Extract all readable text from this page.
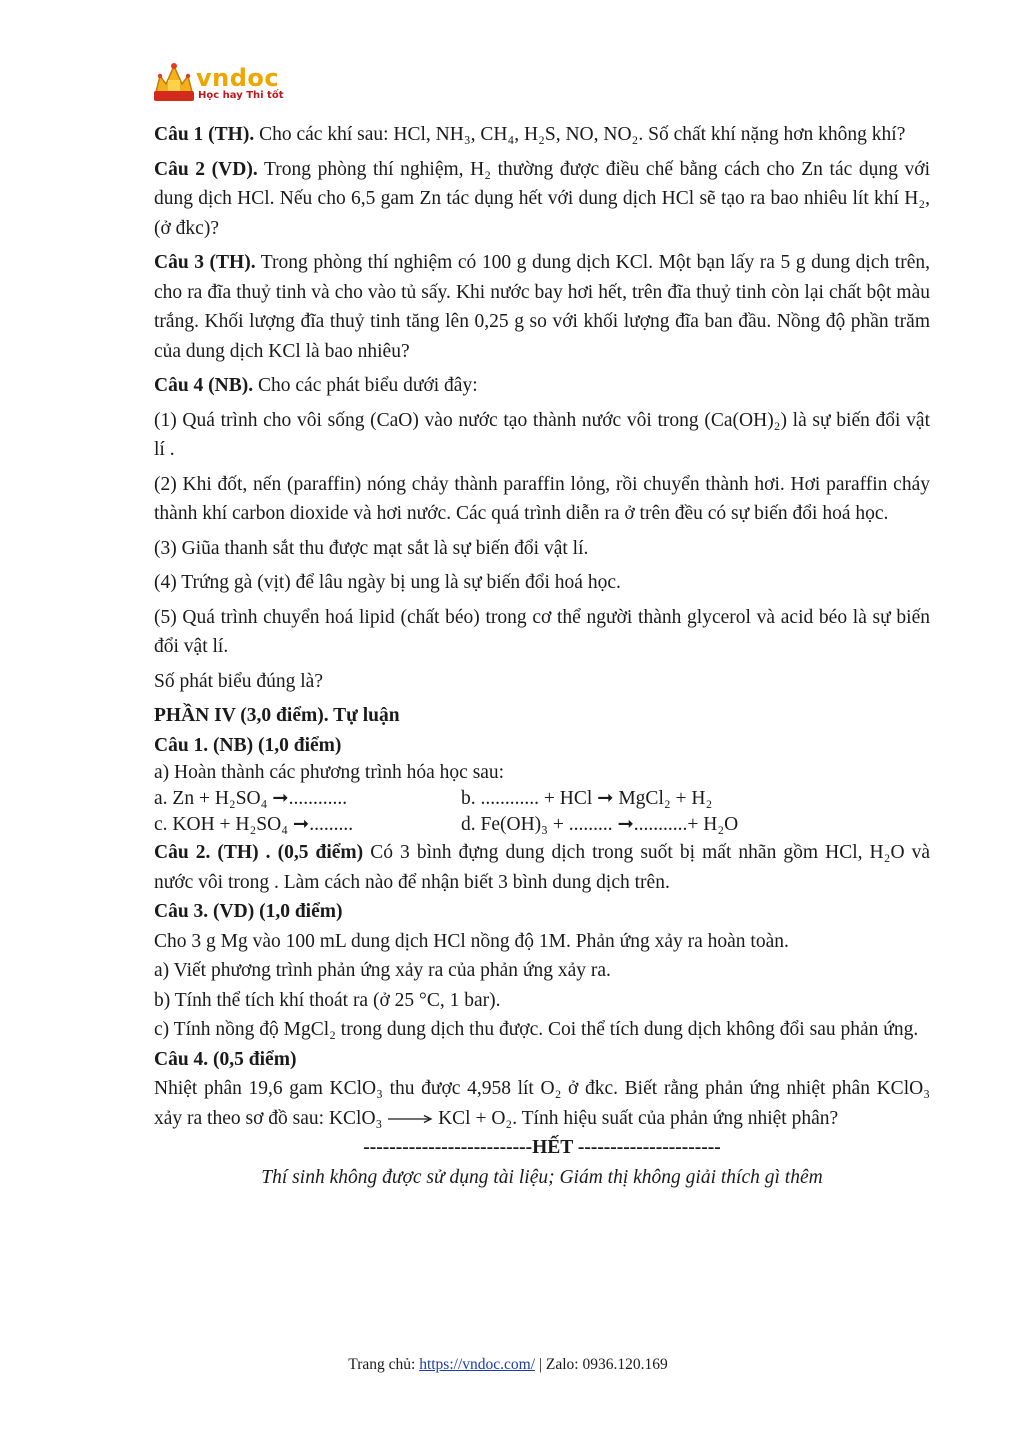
vndoc
Học hay Thi tốt

Câu 1 (TH). Cho các khí sau: HCl, NH₃, CH₄, H₂S, NO, NO₂. Số chất khí nặng hơn không khí?

Câu 2 (VD). Trong phòng thí nghiệm, H₂ thường được điều chế bằng cách cho Zn tác dụng với dung dịch HCl. Nếu cho 6,5 gam Zn tác dụng hết với dung dịch HCl sẽ tạo ra bao nhiêu lít khí H₂, (ở đkc)?

Câu 3 (TH). Trong phòng thí nghiệm có 100 g dung dịch KCl. Một bạn lấy ra 5 g dung dịch trên, cho ra đĩa thuỷ tinh và cho vào tủ sấy. Khi nước bay hơi hết, trên đĩa thuỷ tinh còn lại chất bột màu trắng. Khối lượng đĩa thuỷ tinh tăng lên 0,25 g so với khối lượng đĩa ban đầu. Nồng độ phần trăm của dung dịch KCl là bao nhiêu?

Câu 4 (NB). Cho các phát biểu dưới đây:

(1) Quá trình cho vôi sống (CaO) vào nước tạo thành nước vôi trong (Ca(OH)₂) là sự biến đổi vật lí .

(2) Khi đốt, nến (paraffin) nóng chảy thành paraffin lỏng, rồi chuyển thành hơi. Hơi paraffin cháy thành khí carbon dioxide và hơi nước. Các quá trình diễn ra ở trên đều có sự biến đổi hoá học.

(3) Giũa thanh sắt thu được mạt sắt là sự biến đổi vật lí.

(4) Trứng gà (vịt) để lâu ngày bị ung là sự biến đổi hoá học.

(5) Quá trình chuyển hoá lipid (chất béo) trong cơ thể người thành glycerol và acid béo là sự biến đổi vật lí.

Số phát biểu đúng là?

PHẦN IV (3,0 điểm). Tự luận

Câu 1. (NB) (1,0 điểm)

a) Hoàn thành các phương trình hóa học sau:

a. Zn + H₂SO₄ ➞............	b. ............ + HCl ➞ MgCl₂ + H₂
c. KOH + H₂SO₄ ➞.........	d. Fe(OH)₃ + ......... ➞...........+ H₂O

Câu 2. (TH) . (0,5 điểm) Có 3 bình đựng dung dịch trong suốt bị mất nhãn gồm HCl, H₂O và nước vôi trong . Làm cách nào để nhận biết 3 bình dung dịch trên.

Câu 3. (VD) (1,0 điểm)

Cho 3 g Mg vào 100 mL dung dịch HCl nồng độ 1M. Phản ứng xảy ra hoàn toàn.

a) Viết phương trình phản ứng xảy ra của phản ứng xảy ra.

b) Tính thể tích khí thoát ra (ở 25 °C, 1 bar).

c) Tính nồng độ MgCl₂ trong dung dịch thu được. Coi thể tích dung dịch không đổi sau phản ứng.

Câu 4. (0,5 điểm)

Nhiệt phân 19,6 gam KClO₃ thu được 4,958 lít O₂ ở đkc. Biết rằng phản ứng nhiệt phân KClO₃ xảy ra theo sơ đồ sau: KClO₃ → KCl + O₂. Tính hiệu suất của phản ứng nhiệt phân?

--------------------------HẾT ----------------------

Thí sinh không được sử dụng tài liệu; Giám thị không giải thích gì thêm

Trang chủ: https://vndoc.com/ | Zalo: 0936.120.169
